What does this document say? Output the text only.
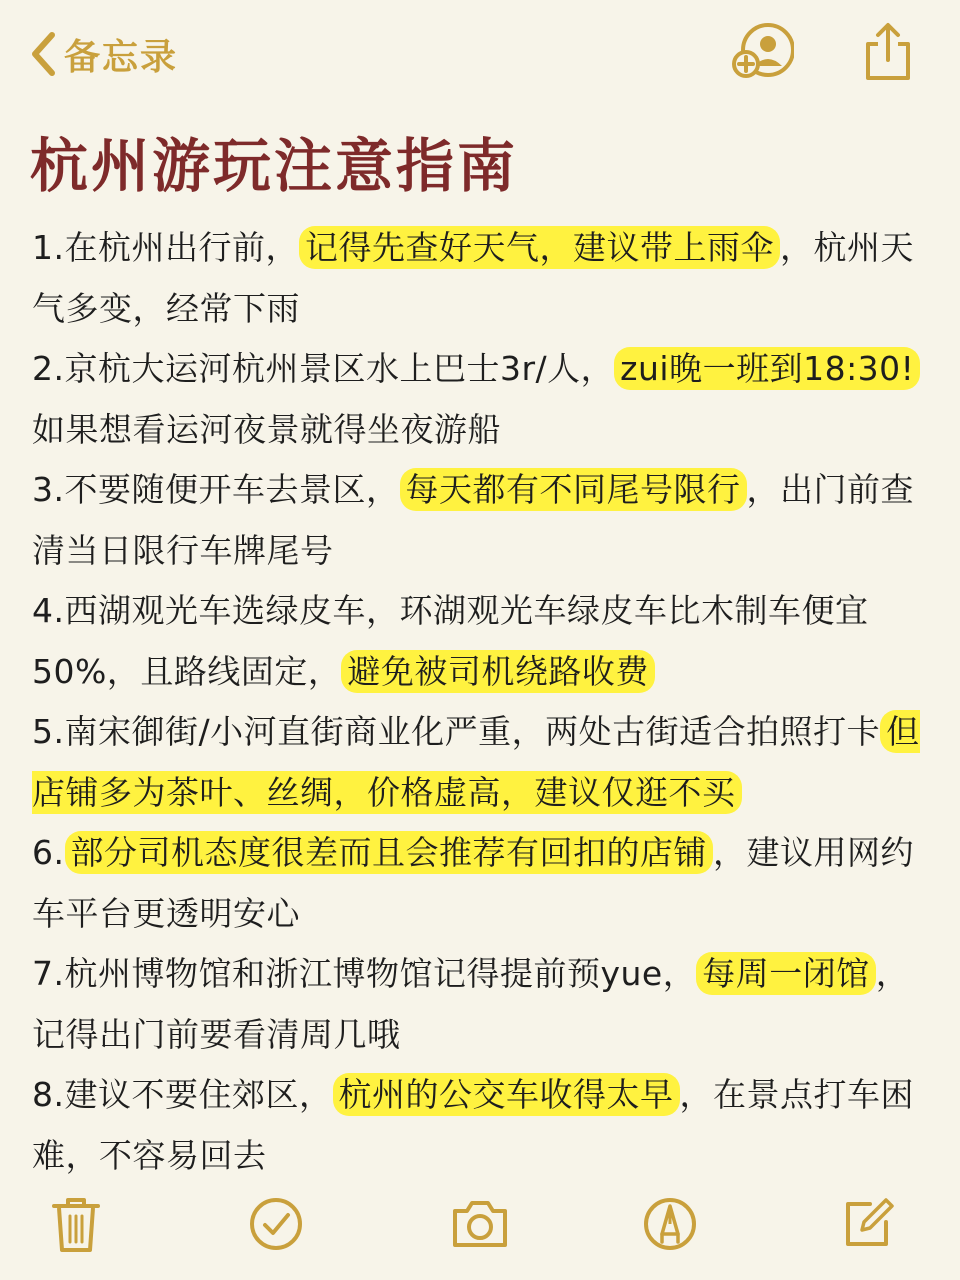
备忘录
杭州游玩注意指南

1.在杭州出行前， 记得先查好天气，建议带上雨伞 ，杭州天气多变，经常下雨

2.京杭大运河杭州景区水上巴士3r/人， zui晚一班到18:30!如果想看运河夜景就得坐夜游船

3.不要随便开车去景区， 每天都有不同尾号限行 ，出门前查清当日限行车牌尾号

4.西湖观光车选绿皮车，环湖观光车绿皮车比木制车便宜50%，且路线固定， 避免被司机绕路收费

5.南宋御街/小河直街商业化严重，两处古街适合拍照打卡 但店铺多为茶叶、丝绸，价格虚高，建议仅逛不买

6. 部分司机态度很差而且会推荐有回扣的店铺 ，建议用网约车平台更透明安心

7.杭州博物馆和浙江博物馆记得提前预yue， 每周一闭馆 ，记得出门前要看清周几哦

8.建议不要住郊区， 杭州的公交车收得太早 ，在景点打车困难，不容易回去
